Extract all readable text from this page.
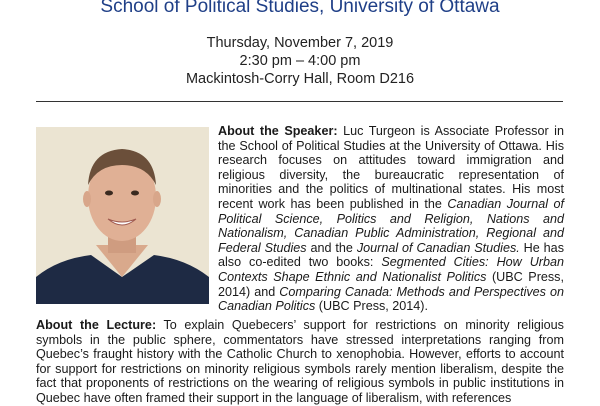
School of Political Studies, University of Ottawa
Thursday, November 7, 2019
2:30 pm – 4:00 pm
Mackintosh-Corry Hall, Room D216
About the Speaker: Luc Turgeon is Associate Professor in the School of Political Studies at the University of Ottawa. His research focuses on attitudes toward immigration and religious diversity, the bureaucratic representation of minorities and the politics of multinational states. His most recent work has been published in the Canadian Journal of Political Science, Politics and Religion, Nations and Nationalism, Canadian Public Administration, Regional and Federal Studies and the Journal of Canadian Studies. He has also co-edited two books: Segmented Cities: How Urban Contexts Shape Ethnic and Nationalist Politics (UBC Press, 2014) and Comparing Canada: Methods and Perspectives on Canadian Politics (UBC Press, 2014).
About the Lecture: To explain Quebecers’ support for restrictions on minority religious symbols in the public sphere, commentators have stressed interpretations ranging from Quebec’s fraught history with the Catholic Church to xenophobia. However, efforts to account for support for restrictions on minority religious symbols rarely mention liberalism, despite the fact that proponents of restrictions on the wearing of religious symbols in public institutions in Quebec have often framed their support in the language of liberalism, with references
